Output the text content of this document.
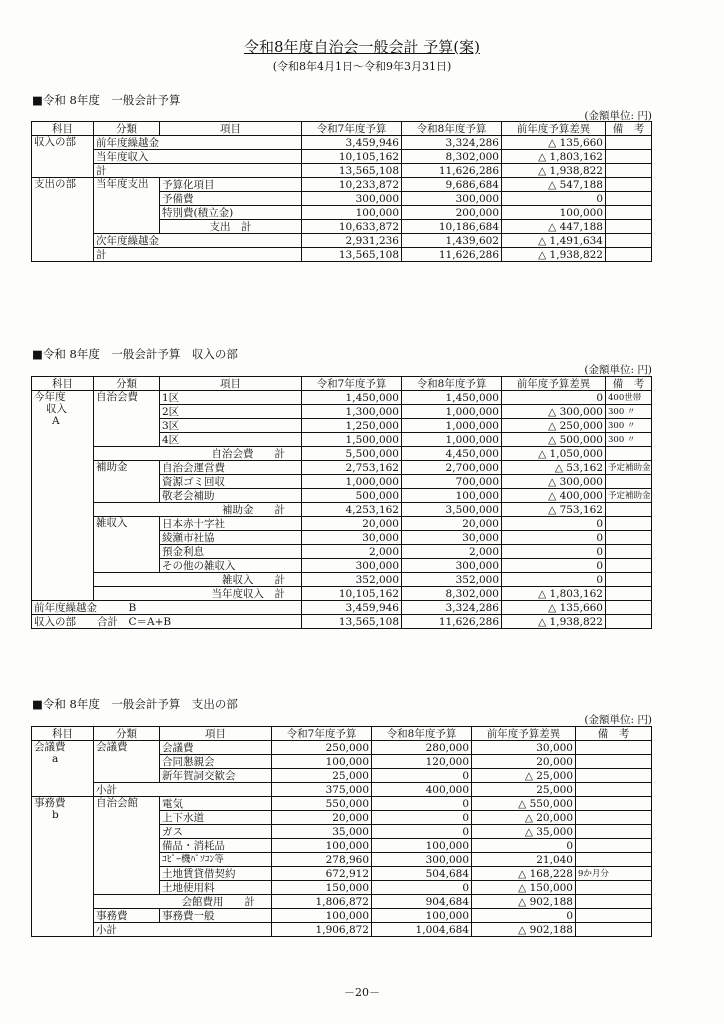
令和8年度自治会一般会計 予算(案)
(令和8年4月1日～令和9年3月31日)
■令和 8年度　一般会計予算
(金額単位: 円)
科目	分類	項目	令和7年度予算	令和8年度予算	前年度予算差異	備　考
収入の部	前年度繰越金		3,459,946	3,324,286	△ 135,660	
	当年度収入		10,105,162	8,302,000	△ 1,803,162	
	計		13,565,108	11,626,286	△ 1,938,822	
支出の部	当年度支出	予算化項目	10,233,872	9,686,684	△ 547,188	
		予備費	300,000	300,000	0	
		特別費(積立金)	100,000	200,000	100,000	
		支出　計	10,633,872	10,186,684	△ 447,188	
	次年度繰越金		2,931,236	1,439,602	△ 1,491,634	
	計		13,565,108	11,626,286	△ 1,938,822	
■令和 8年度　一般会計予算　収入の部
(金額単位: 円)
科目	分類	項目	令和7年度予算	令和8年度予算	前年度予算差異	備　考

今年度
収入
A	自治会費	1区	1,450,000	1,450,000	0	400世帯
		2区	1,300,000	1,000,000	△ 300,000	300 〃
		3区	1,250,000	1,000,000	△ 250,000	300 〃
		4区	1,500,000	1,000,000	△ 500,000	300 〃
	自治会費　　計		5,500,000	4,450,000	△ 1,050,000	
	補助金	自治会運営費	2,753,162	2,700,000	△ 53,162	予定補助金
		資源ゴミ回収	1,000,000	700,000	△ 300,000	
		敬老会補助	500,000	100,000	△ 400,000	予定補助金
	補助金　　計		4,253,162	3,500,000	△ 753,162	
	雑収入	日本赤十字社	20,000	20,000	0	
		綾瀬市社協	30,000	30,000	0	
		預金利息	2,000	2,000	0	
		その他の雑収入	300,000	300,000	0	
	雑収入　　計		352,000	352,000	0	
	当年度収入　計		10,105,162	8,302,000	△ 1,803,162	
前年度繰越金　　　B			3,459,946	3,324,286	△ 135,660	
収入の部　　合計　C＝A+B			13,565,108	11,626,286	△ 1,938,822	
■令和 8年度　一般会計予算　支出の部
(金額単位: 円)
科目	分類	項目	令和7年度予算	令和8年度予算	前年度予算差異	備　考

会議費
a	会議費	会議費	250,000	280,000	30,000	
		合同懇親会	100,000	120,000	20,000	
		新年賀詞交歓会	25,000	0	△ 25,000	
	小計		375,000	400,000	25,000	

事務費
b	自治会館	電気	550,000	0	△ 550,000	
		上下水道	20,000	0	△ 20,000	
		ガス	35,000	0	△ 35,000	
		備品・消耗品	100,000	100,000	0	
		ｺﾋﾟｰ機ﾊﾟｿｺﾝ等	278,960	300,000	21,040	
		土地賃貸借契約	672,912	504,684	△ 168,228	9か月分
		土地使用料	150,000	0	△ 150,000	
	会館費用　　計		1,806,872	904,684	△ 902,188	
	事務費	事務費一般	100,000	100,000	0	
	小計		1,906,872	1,004,684	△ 902,188	
－20－
